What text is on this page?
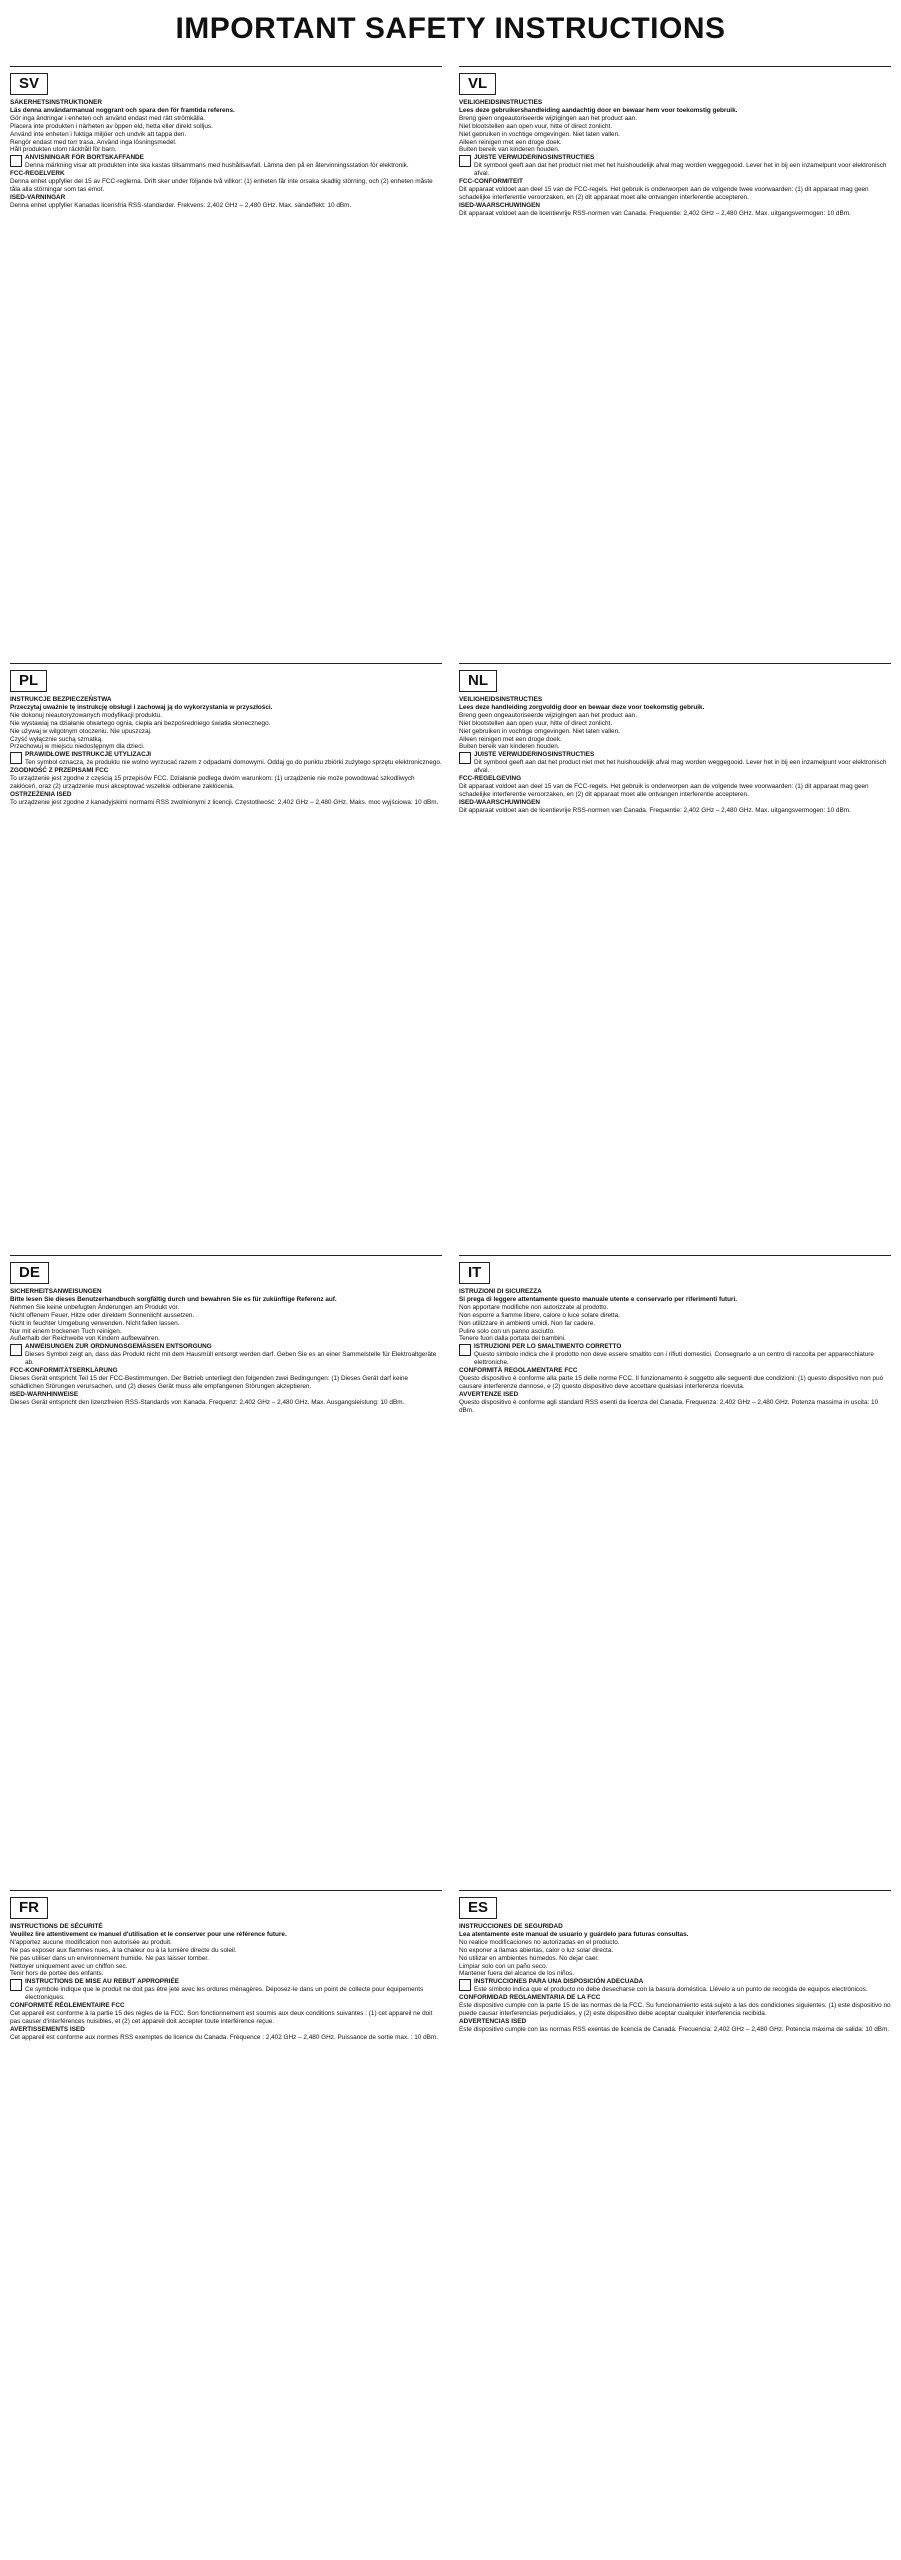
IMPORTANT SAFETY INSTRUCTIONS
SV

SÄKERHETSINSTRUKTIONER

Läs denna användarmanual noggrant och spara den för framtida referens.

Gör inga ändringar i enheten och använd endast med rätt strömkälla.

Placera inte produkten i närheten av öppen eld, hetta eller direkt solljus.

Använd inte enheten i fuktiga miljöer och undvik att tappa den.

Rengör endast med torr trasa. Använd inga lösningsmedel.

Håll produkten utom räckhåll för barn.

ANVISNINGAR FÖR BORTSKAFFANDE

Denna märkning visar att produkten inte ska kastas tillsammans med hushållsavfall. Lämna den på en återvinningsstation för elektronik.

FCC-REGELVERK

Denna enhet uppfyller del 15 av FCC-reglerna. Drift sker under följande två villkor: (1) enheten får inte orsaka skadlig störning, och (2) enheten måste tåla alla störningar som tas emot.

ISED-VARNINGAR

Denna enhet uppfyller Kanadas licensfria RSS-standarder. Frekvens: 2,402 GHz – 2,480 GHz. Max. sändeffekt: 10 dBm.

VL

VEILIGHEIDSINSTRUCTIES

Lees deze gebruikershandleiding aandachtig door en bewaar hem voor toekomstig gebruik.

Breng geen ongeautoriseerde wijzigingen aan het product aan.

Niet blootstellen aan open vuur, hitte of direct zonlicht.

Niet gebruiken in vochtige omgevingen. Niet laten vallen.

Alleen reinigen met een droge doek.

Buiten bereik van kinderen houden.

JUISTE VERWIJDERINGSINSTRUCTIES

Dit symbool geeft aan dat het product niet met het huishoudelijk afval mag worden weggegooid. Lever het in bij een inzamelpunt voor elektronisch afval.

FCC-CONFORMITEIT

Dit apparaat voldoet aan deel 15 van de FCC-regels. Het gebruik is onderworpen aan de volgende twee voorwaarden: (1) dit apparaat mag geen schadelijke interferentie veroorzaken, en (2) dit apparaat moet alle ontvangen interferentie accepteren.

ISED-WAARSCHUWINGEN

Dit apparaat voldoet aan de licentievrije RSS-normen van Canada. Frequentie: 2,402 GHz – 2,480 GHz. Max. uitgangsvermogen: 10 dBm.

PL

INSTRUKCJE BEZPIECZEŃSTWA

Przeczytaj uważnie tę instrukcję obsługi i zachowaj ją do wykorzystania w przyszłości.

Nie dokonuj nieautoryzowanych modyfikacji produktu.

Nie wystawiaj na działanie otwartego ognia, ciepła ani bezpośredniego światła słonecznego.

Nie używaj w wilgotnym otoczeniu. Nie upuszczaj.

Czyść wyłącznie suchą szmatką.

Przechowuj w miejscu niedostępnym dla dzieci.

PRAWIDŁOWE INSTRUKCJE UTYLIZACJI

Ten symbol oznacza, że produktu nie wolno wyrzucać razem z odpadami domowymi. Oddaj go do punktu zbiórki zużytego sprzętu elektronicznego.

ZGODNOŚĆ Z PRZEPISAMI FCC

To urządzenie jest zgodne z częścią 15 przepisów FCC. Działanie podlega dwóm warunkom: (1) urządzenie nie może powodować szkodliwych zakłóceń, oraz (2) urządzenie musi akceptować wszelkie odbierane zakłócenia.

OSTRZEŻENIA ISED

To urządzenie jest zgodne z kanadyjskimi normami RSS zwolnionymi z licencji. Częstotliwość: 2,402 GHz – 2,480 GHz. Maks. moc wyjściowa: 10 dBm.

NL

VEILIGHEIDSINSTRUCTIES

Lees deze handleiding zorgvuldig door en bewaar deze voor toekomstig gebruik.

Breng geen ongeautoriseerde wijzigingen aan het product aan.

Niet blootstellen aan open vuur, hitte of direct zonlicht.

Niet gebruiken in vochtige omgevingen. Niet laten vallen.

Alleen reinigen met een droge doek.

Buiten bereik van kinderen houden.

JUISTE VERWIJDERINGSINSTRUCTIES

Dit symbool geeft aan dat het product niet met het huishoudelijk afval mag worden weggegooid. Lever het in bij een inzamelpunt voor elektronisch afval.

FCC-REGELGEVING

Dit apparaat voldoet aan deel 15 van de FCC-regels. Het gebruik is onderworpen aan de volgende twee voorwaarden: (1) dit apparaat mag geen schadelijke interferentie veroorzaken, en (2) dit apparaat moet alle ontvangen interferentie accepteren.

ISED-WAARSCHUWINGEN

Dit apparaat voldoet aan de licentievrije RSS-normen van Canada. Frequentie: 2,402 GHz – 2,480 GHz. Max. uitgangsvermogen: 10 dBm.

DE

SICHERHEITSANWEISUNGEN

Bitte lesen Sie dieses Benutzerhandbuch sorgfältig durch und bewahren Sie es für zukünftige Referenz auf.

Nehmen Sie keine unbefugten Änderungen am Produkt vor.

Nicht offenem Feuer, Hitze oder direktem Sonnenlicht aussetzen.

Nicht in feuchter Umgebung verwenden. Nicht fallen lassen.

Nur mit einem trockenen Tuch reinigen.

Außerhalb der Reichweite von Kindern aufbewahren.

ANWEISUNGEN ZUR ORDNUNGSGEMÄSSEN ENTSORGUNG

Dieses Symbol zeigt an, dass das Produkt nicht mit dem Hausmüll entsorgt werden darf. Geben Sie es an einer Sammelstelle für Elektroaltgeräte ab.

FCC-KONFORMITÄTSERKLÄRUNG

Dieses Gerät entspricht Teil 15 der FCC-Bestimmungen. Der Betrieb unterliegt den folgenden zwei Bedingungen: (1) Dieses Gerät darf keine schädlichen Störungen verursachen, und (2) dieses Gerät muss alle empfangenen Störungen akzeptieren.

ISED-WARNHINWEISE

Dieses Gerät entspricht den lizenzfreien RSS-Standards von Kanada. Frequenz: 2,402 GHz – 2,480 GHz. Max. Ausgangsleistung: 10 dBm.

IT

ISTRUZIONI DI SICUREZZA

Si prega di leggere attentamente questo manuale utente e conservarlo per riferimenti futuri.

Non apportare modifiche non autorizzate al prodotto.

Non esporre a fiamme libere, calore o luce solare diretta.

Non utilizzare in ambienti umidi. Non far cadere.

Pulire solo con un panno asciutto.

Tenere fuori dalla portata dei bambini.

ISTRUZIONI PER LO SMALTIMENTO CORRETTO

Questo simbolo indica che il prodotto non deve essere smaltito con i rifiuti domestici. Consegnarlo a un centro di raccolta per apparecchiature elettroniche.

CONFORMITÀ REGOLAMENTARE FCC

Questo dispositivo è conforme alla parte 15 delle norme FCC. Il funzionamento è soggetto alle seguenti due condizioni: (1) questo dispositivo non può causare interferenze dannose, e (2) questo dispositivo deve accettare qualsiasi interferenza ricevuta.

AVVERTENZE ISED

Questo dispositivo è conforme agli standard RSS esenti da licenza del Canada. Frequenza: 2,402 GHz – 2,480 GHz. Potenza massima in uscita: 10 dBm.

FR

INSTRUCTIONS DE SÉCURITÉ

Veuillez lire attentivement ce manuel d'utilisation et le conserver pour une référence future.

N'apportez aucune modification non autorisée au produit.

Ne pas exposer aux flammes nues, à la chaleur ou à la lumière directe du soleil.

Ne pas utiliser dans un environnement humide. Ne pas laisser tomber.

Nettoyer uniquement avec un chiffon sec.

Tenir hors de portée des enfants.

INSTRUCTIONS DE MISE AU REBUT APPROPRIÉE

Ce symbole indique que le produit ne doit pas être jeté avec les ordures ménagères. Déposez-le dans un point de collecte pour équipements électroniques.

CONFORMITÉ RÉGLEMENTAIRE FCC

Cet appareil est conforme à la partie 15 des règles de la FCC. Son fonctionnement est soumis aux deux conditions suivantes : (1) cet appareil ne doit pas causer d'interférences nuisibles, et (2) cet appareil doit accepter toute interférence reçue.

AVERTISSEMENTS ISED

Cet appareil est conforme aux normes RSS exemptes de licence du Canada. Fréquence : 2,402 GHz – 2,480 GHz. Puissance de sortie max. : 10 dBm.

ES

INSTRUCCIONES DE SEGURIDAD

Lea atentamente este manual de usuario y guárdelo para futuras consultas.

No realice modificaciones no autorizadas en el producto.

No exponer a llamas abiertas, calor o luz solar directa.

No utilizar en ambientes húmedos. No dejar caer.

Limpiar solo con un paño seco.

Mantener fuera del alcance de los niños.

INSTRUCCIONES PARA UNA DISPOSICIÓN ADECUADA

Este símbolo indica que el producto no debe desecharse con la basura doméstica. Llévelo a un punto de recogida de equipos electrónicos.

CONFORMIDAD REGLAMENTARIA DE LA FCC

Este dispositivo cumple con la parte 15 de las normas de la FCC. Su funcionamiento está sujeto a las dos condiciones siguientes: (1) este dispositivo no puede causar interferencias perjudiciales, y (2) este dispositivo debe aceptar cualquier interferencia recibida.

ADVERTENCIAS ISED

Este dispositivo cumple con las normas RSS exentas de licencia de Canadá. Frecuencia: 2,402 GHz – 2,480 GHz. Potencia máxima de salida: 10 dBm.
